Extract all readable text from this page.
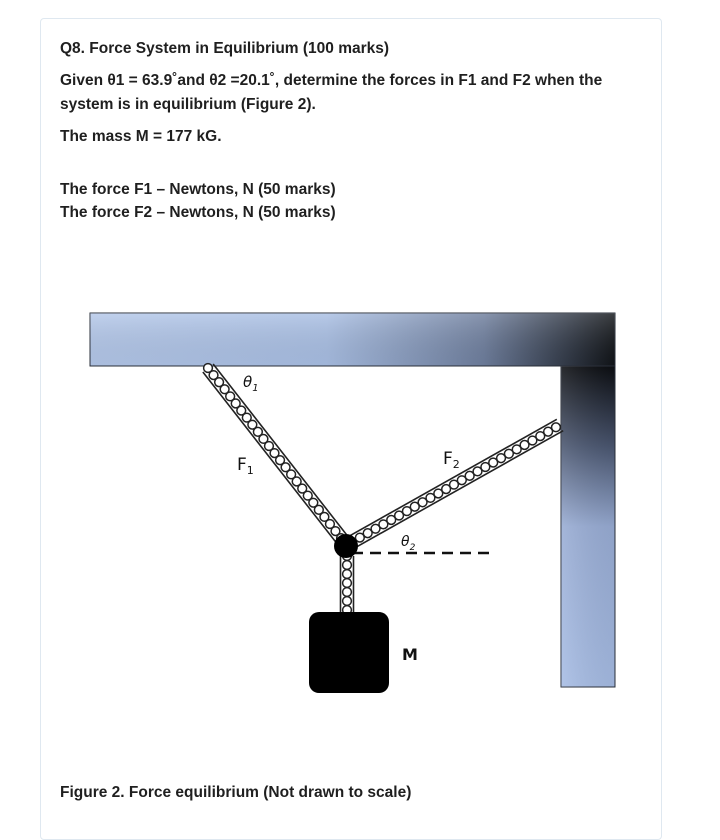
Q8. Force System in Equilibrium (100 marks)
Given θ1 = 63.9˚and θ2 =20.1˚, determine the forces in F1 and F2 when the
system is in equilibrium (Figure 2).
The mass M = 177 kG.
The force F1 – Newtons, N (50 marks)
The force F2 – Newtons, N (50 marks)
$\theta_1$
$F_1$
$F_2$
$\theta_2$
M
Figure 2. Force equilibrium (Not drawn to scale)
